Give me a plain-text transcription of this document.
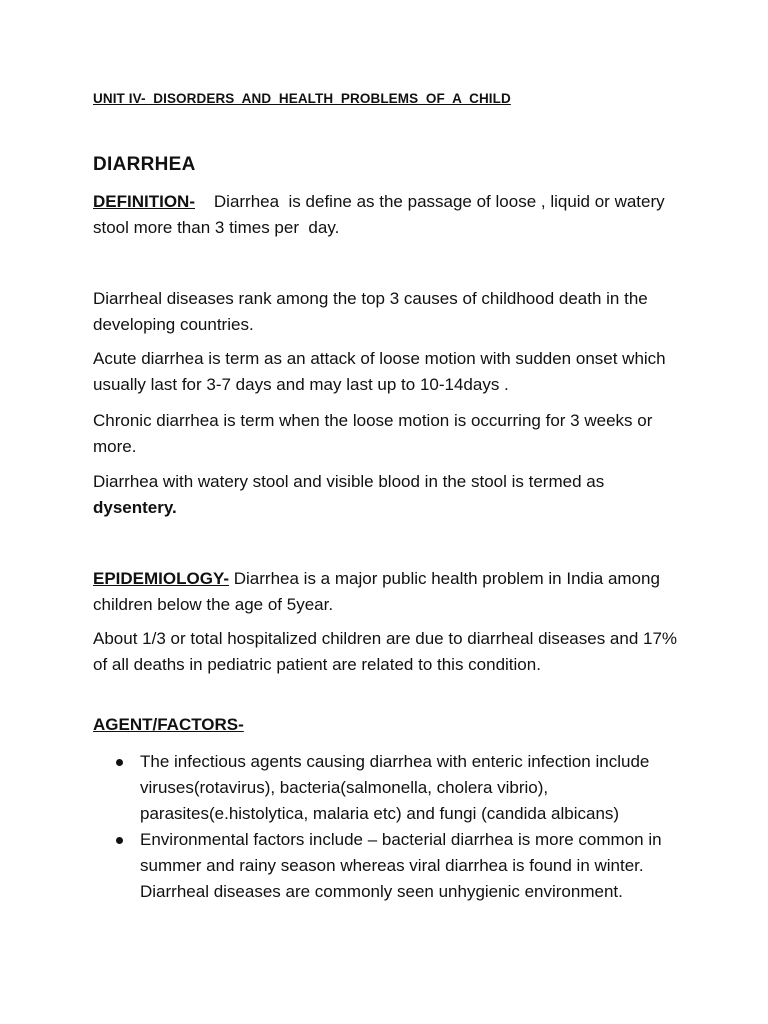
UNIT IV-  DISORDERS  AND  HEALTH  PROBLEMS  OF  A  CHILD
DIARRHEA

DEFINITION-    Diarrhea  is define as the passage of loose , liquid or watery stool more than 3 times per  day.

Diarrheal diseases rank among the top 3 causes of childhood death in the developing countries.

Acute diarrhea is term as an attack of loose motion with sudden onset which usually last for 3-7 days and may last up to 10-14days .

Chronic diarrhea is term when the loose motion is occurring for 3 weeks or more.

Diarrhea with watery stool and visible blood in the stool is termed as dysentery.

EPIDEMIOLOGY- Diarrhea is a major public health problem in India among children below the age of 5year.

About 1/3 or total hospitalized children are due to diarrheal diseases and 17% of all deaths in pediatric patient are related to this condition.

AGENT/FACTORS-
The infectious agents causing diarrhea with enteric infection include viruses(rotavirus), bacteria(salmonella, cholera vibrio), parasites(e.histolytica, malaria etc) and fungi (candida albicans)
Environmental factors include – bacterial diarrhea is more common in summer and rainy season whereas viral diarrhea is found in winter. Diarrheal diseases are commonly seen unhygienic environment.
